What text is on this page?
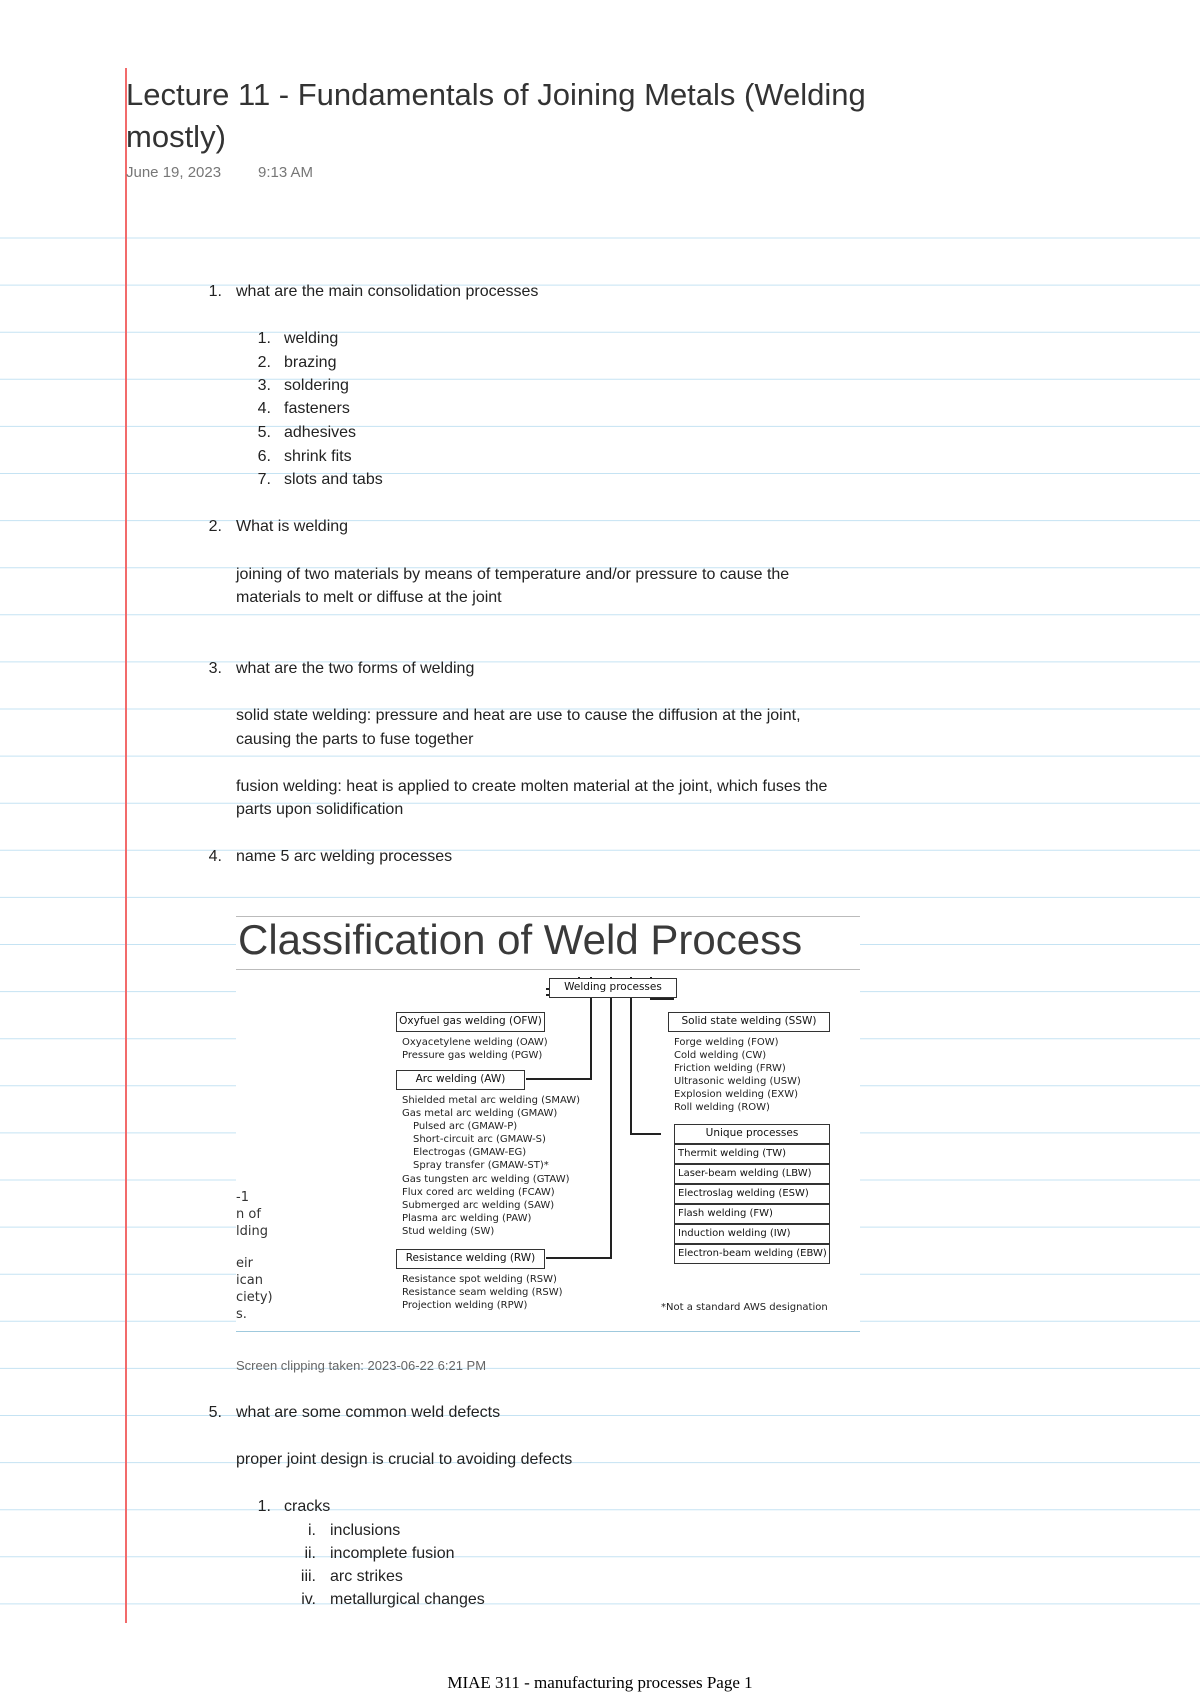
Lecture 11 - Fundamentals of Joining Metals (Welding mostly)
June 19, 2023 9:13 AM
1. what are the main consolidation processes
1. welding
2. brazing
3. soldering
4. fasteners
5. adhesives
6. shrink fits
7. slots and tabs
2. What is welding
joining of two materials by means of temperature and/or pressure to cause the
materials to melt or diffuse at the joint
3. what are the two forms of welding
solid state welding: pressure and heat are use to cause the diffusion at the joint,
causing the parts to fuse together
fusion welding: heat is applied to create molten material at the joint, which fuses the
parts upon solidification
4. name 5 arc welding processes
Classification of Weld Process
Welding processes
Oxyfuel gas welding (OFW)
Oxyacetylene welding (OAW)
Pressure gas welding (PGW)
Arc welding (AW)
Shielded metal arc welding (SMAW)
Gas metal arc welding (GMAW)
Pulsed arc (GMAW-P)
Short-circuit arc (GMAW-S)
Electrogas (GMAW-EG)
Spray transfer (GMAW-ST)*
Gas tungsten arc welding (GTAW)
Flux cored arc welding (FCAW)
Submerged arc welding (SAW)
Plasma arc welding (PAW)
Stud welding (SW)
Resistance welding (RW)
Resistance spot welding (RSW)
Resistance seam welding (RSW)
Projection welding (RPW)
Solid state welding (SSW)
Forge welding (FOW)
Cold welding (CW)
Friction welding (FRW)
Ultrasonic welding (USW)
Explosion welding (EXW)
Roll welding (ROW)
Unique processes
Thermit welding (TW)
Laser-beam welding (LBW)
Electroslag welding (ESW)
Flash welding (FW)
Induction welding (IW)
Electron-beam welding (EBW)
*Not a standard AWS designation
-1
n of
lding
eir
ican
ciety)
s.
Screen clipping taken: 2023-06-22 6:21 PM
5. what are some common weld defects
proper joint design is crucial to avoiding defects
1. cracks
i. inclusions
ii. incomplete fusion
iii. arc strikes
iv. metallurgical changes
MIAE 311 - manufacturing processes Page 1
